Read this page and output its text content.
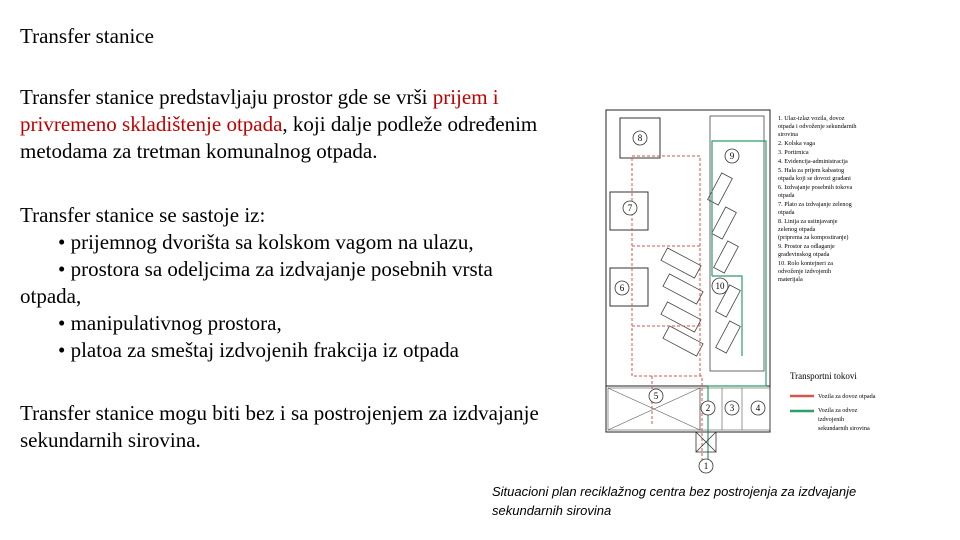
Transfer stanice
Transfer stanice predstavljaju prostor gde se vrši prijem i privremeno skladištenje otpada, koji dalje podleže određenim metodama za tretman komunalnog otpada.
Transfer stanice se sastoje iz:
• prijemnog dvorišta sa kolskom vagom na ulazu,
• prostora sa odeljcima za izdvajanje posebnih vrsta
otpada,
• manipulativnog prostora,
• platoa za smeštaj izdvojenih frakcija iz otpada
Transfer stanice mogu biti bez i sa postrojenjem za izdvajanje sekundarnih sirovina.
1
2 3 4
5
6
7
8
9
10
1. Ulaz-izlaz vozila, dovoz
otpada i odvoženje sekundarnih
sirovina
2. Kolska vaga
3. Portirnica
4. Evidencija-administracija
5. Hala za prijem kabastog
otpada koji se dovozi građani
6. Izdvajanje posebnih tokova
otpada
7. Plato za izdvajanje zelenog
otpada
8. Linija za usitnjavanje
zelenog otpada
(priprema za kompostiranje)
9. Prostor za odlaganje
građevinskog otpada
10. Rolo kontejneri za
odvoženje izdvojenih
materijala
Transportni tokovi
Vozila za dovoz otpada
Vozila za odvoz
izdvojenih
sekundarnih sirovina
Situacioni plan reciklažnog centra bez postrojenja za izdvajanje sekundarnih sirovina
